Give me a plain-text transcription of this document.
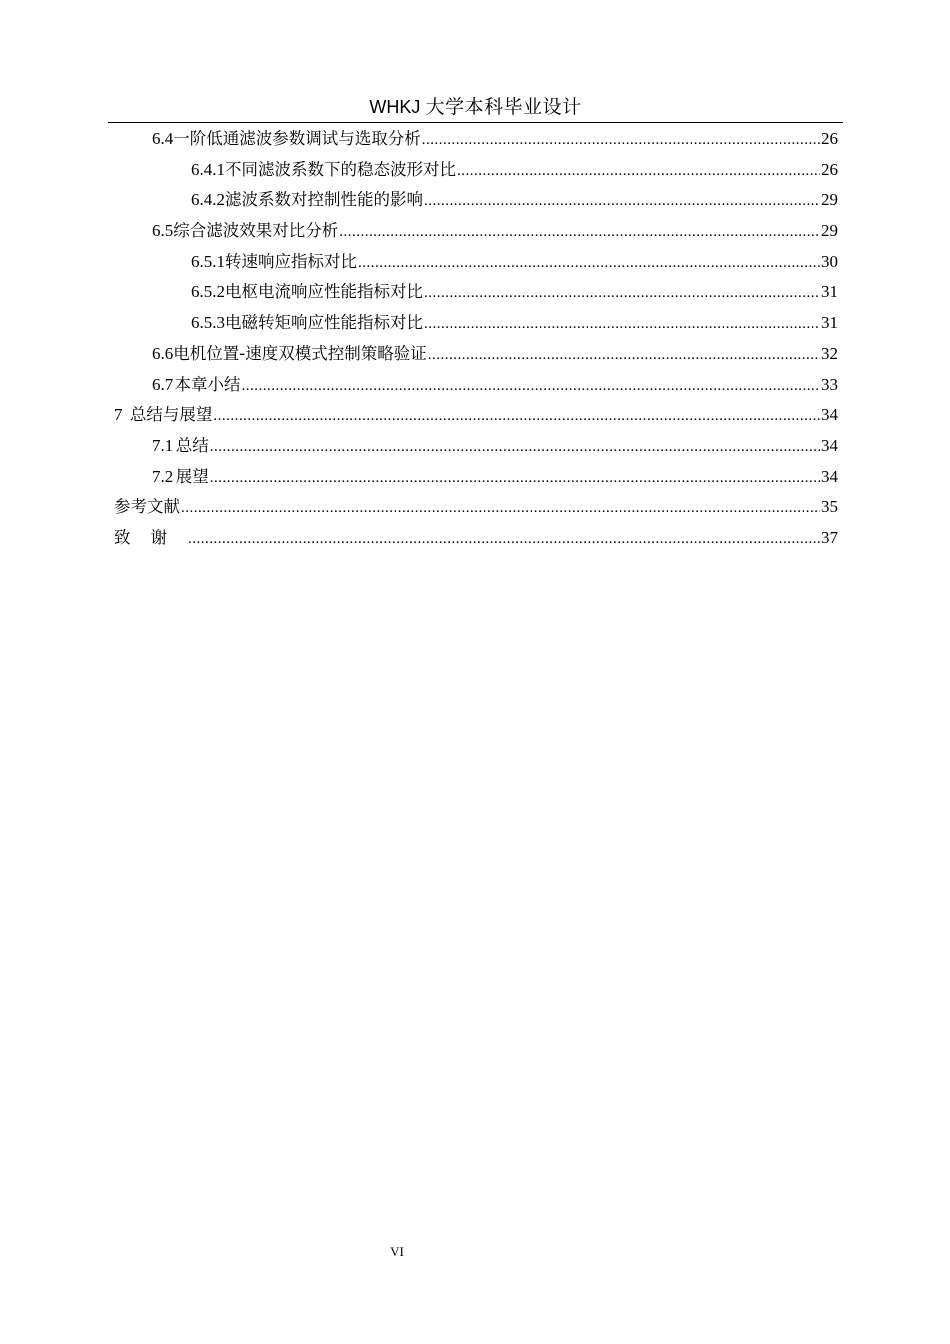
WHKJ 大学本科毕业设计
6.4 一阶低通滤波参数调试与选取分析 .....	26
6.4.1 不同滤波系数下的稳态波形对比 .....	26
6.4.2 滤波系数对控制性能的影响 .....	29
6.5 综合滤波效果对比分析 .....	29
6.5.1 转速响应指标对比 .....	30
6.5.2 电枢电流响应性能指标对比 .....	31
6.5.3 电磁转矩响应性能指标对比 .....	31
6.6 电机位置-速度双模式控制策略验证 .....	32
6.7 本章小结 .....	33
7 总结与展望 .....	34
7.1 总结 .....	34
7.2 展望 .....	34
参考文献 .....	35
致谢 .....	37
VI
